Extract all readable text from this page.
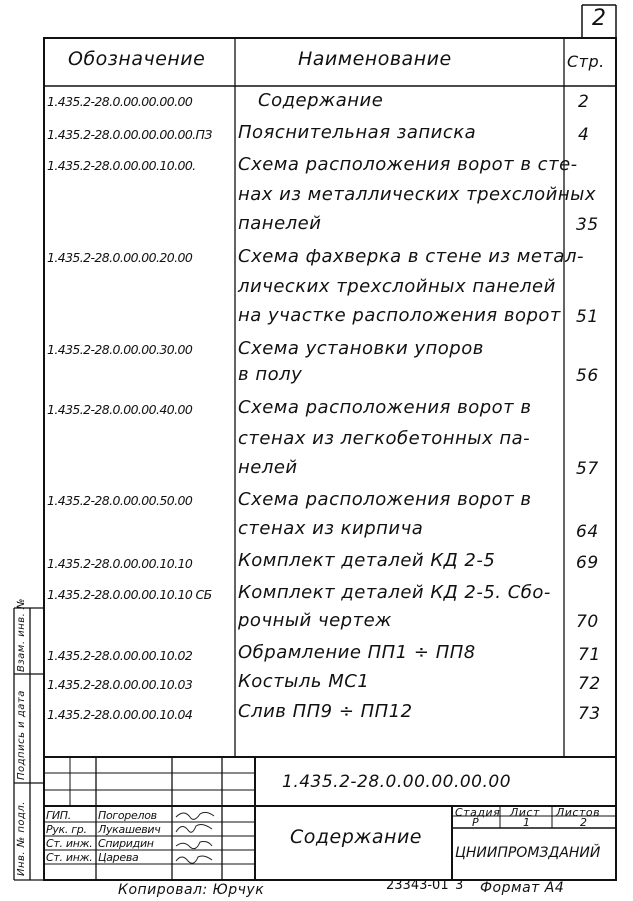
2
Обозначение	Наименование	Стр.
1.435.2-28.0.00.00.00.00	Содержание	2
1.435.2-28.0.00.00.00.00.ПЗ Пояснительная записка	4
1.435.2-28.0.00.00.10.00. Схема расположения ворот в сте-
нах из металлических трехслойных
панелей	35
1.435.2-28.0.00.00.20.00	Схема фахверка в стене из метал-
лических трехслойных панелей
на участке расположения ворот 51
1.435.2-28.0.00.00.30.00	Схема установки упоров
в полу	56
1.435.2-28.0.00.00.40.00	Схема расположения ворот в
стенах из легкобетонных па-
нелей	57
1.435.2-28.0.00.00.50.00	Схема расположения ворот в
стенах из кирпича	64
1.435.2-28.0.00.00.10.10	Комплект деталей КД 2-5	69
1.435.2-28.0.00.00.10.10 СБ Комплект деталей КД 2-5. Сбо-
рочный чертеж	70
1.435.2-28.0.00.00.10.02	Обрамление ПП1 ÷ ПП8	71
1.435.2-28.0.00.00.10.03	Костыль МС1	72
1.435.2-28.0.00.00.10.04	Слив ПП9 ÷ ПП12	73
Взам. инв. №
Подпись и дата
Инв. № подл.
1.435.2-28.0.00.00.00.00
Содержание
Стадия Лист Листов
Р	1	2
ЦНИИПРОМЗДАНИЙ
ГИП. Погорелов
Рук. гр. Лукашевич
Ст. инж. Спиридин
Ст. инж. Царева
Копировал: Юрчук	23343-01 3 Формат А4
